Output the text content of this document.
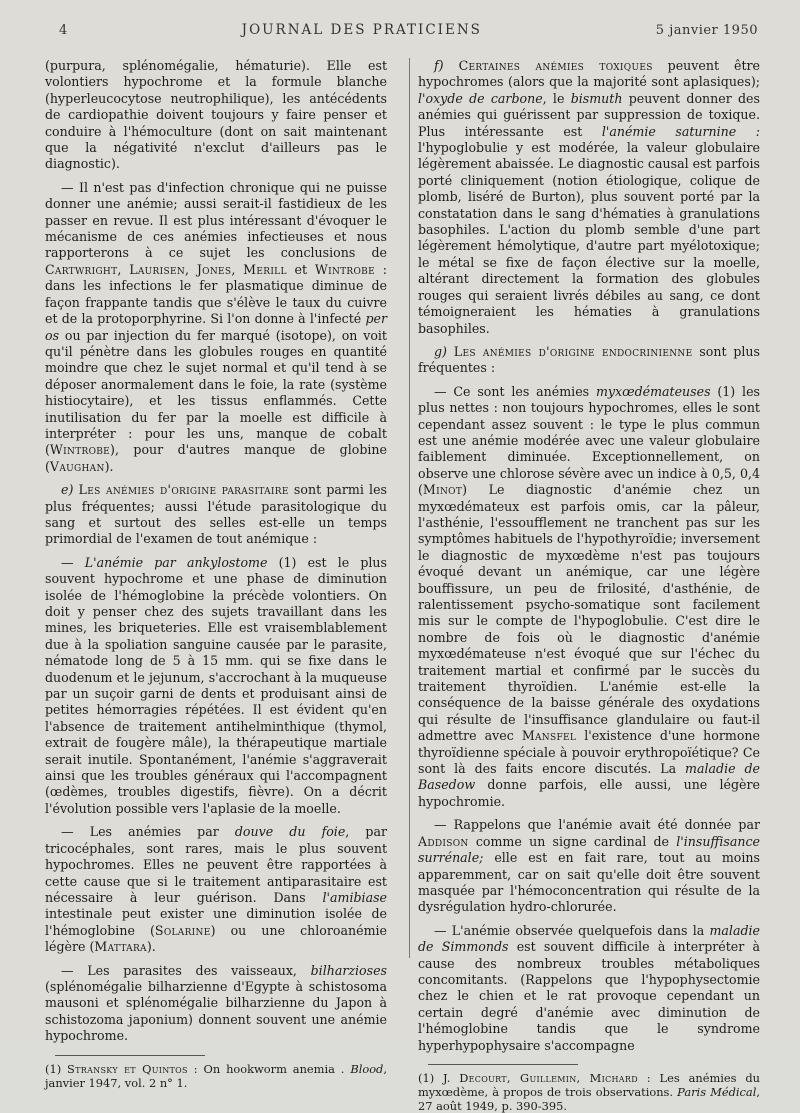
4	JOURNAL DES PRATICIENS	5 janvier 1950

(purpura, splénomégalie, hématurie). Elle est volontiers hypochrome et la formule blanche (hyperleucocytose neutrophilique), les antécédents de cardiopathie doivent toujours y faire penser et conduire à l'hémoculture (dont on sait maintenant que la négativité n'exclut d'ailleurs pas le diagnostic).

— Il n'est pas d'infection chronique qui ne puisse donner une anémie; aussi serait-il fastidieux de les passer en revue. Il est plus intéressant d'évoquer le mécanisme de ces anémies infectieuses et nous rapporterons à ce sujet les conclusions de Cartwright, Laurisen, Jones, Merill et Wintrobe : dans les infections le fer plasmatique diminue de façon frappante tandis que s'élève le taux du cuivre et de la protoporphyrine. Si l'on donne à l'infecté per os ou par injection du fer marqué (isotope), on voit qu'il pénètre dans les globules rouges en quantité moindre que chez le sujet normal et qu'il tend à se déposer anormalement dans le foie, la rate (système histiocytaire), et les tissus enflammés. Cette inutilisation du fer par la moelle est difficile à interpréter : pour les uns, manque de cobalt (Wintrobe), pour d'autres manque de globine (Vaughan).

e) Les anémies d'origine parasitaire sont parmi les plus fréquentes; aussi l'étude parasitologique du sang et surtout des selles est-elle un temps primordial de l'examen de tout anémique :

— L'anémie par ankylostome (1) est le plus souvent hypochrome et une phase de diminution isolée de l'hémoglobine la précède volontiers. On doit y penser chez des sujets travaillant dans les mines, les briqueteries. Elle est vraisemblablement due à la spoliation sanguine causée par le parasite, nématode long de 5 à 15 mm. qui se fixe dans le duodenum et le jejunum, s'accrochant à la muqueuse par un suçoir garni de dents et produisant ainsi de petites hémorragies répétées. Il est évident qu'en l'absence de traitement antihelminthique (thymol, extrait de fougère mâle), la thérapeutique martiale serait inutile. Spontanément, l'anémie s'aggraverait ainsi que les troubles généraux qui l'accompagnent (œdèmes, troubles digestifs, fièvre). On a décrit l'évolution possible vers l'aplasie de la moelle.

— Les anémies par douve du foie, par tricocéphales, sont rares, mais le plus souvent hypochromes. Elles ne peuvent être rapportées à cette cause que si le traitement antiparasitaire est nécessaire à leur guérison. Dans l'amibiase intestinale peut exister une diminution isolée de l'hémoglobine (Solarine) ou une chloroanémie légère (Mattara).

— Les parasites des vaisseaux, bilharzioses (splénomégalie bilharzienne d'Egypte à schistosoma mausoni et splénomégalie bilharzienne du Japon à schistozoma japonium) donnent souvent une anémie hypochrome.

(1) Stransky et Quintos : On hookworm anemia . Blood, janvier 1947, vol. 2 n° 1.

f) Certaines anémies toxiques peuvent être hypochromes (alors que la majorité sont aplasiques); l'oxyde de carbone, le bismuth peuvent donner des anémies qui guérissent par suppression de toxique. Plus intéressante est l'anémie saturnine : l'hypoglobulie y est modérée, la valeur globulaire légèrement abaissée. Le diagnostic causal est parfois porté cliniquement (notion étiologique, colique de plomb, liséré de Burton), plus souvent porté par la constatation dans le sang d'hématies à granulations basophiles. L'action du plomb semble d'une part légèrement hémolytique, d'autre part myélotoxique; le métal se fixe de façon élective sur la moelle, altérant directement la formation des globules rouges qui seraient livrés débiles au sang, ce dont témoigneraient les hématies à granulations basophiles.

g) Les anémies d'origine endocrinienne sont plus fréquentes :

— Ce sont les anémies myxœdémateuses (1) les plus nettes : non toujours hypochromes, elles le sont cependant assez souvent : le type le plus commun est une anémie modérée avec une valeur globulaire faiblement diminuée. Exceptionnellement, on observe une chlorose sévère avec un indice à 0,5, 0,4 (Minot) Le diagnostic d'anémie chez un myxœdémateux est parfois omis, car la pâleur, l'asthénie, l'essoufflement ne tranchent pas sur les symptômes habituels de l'hypothyroïdie; inversement le diagnostic de myxœdème n'est pas toujours évoqué devant un anémique, car une légère bouffissure, un peu de frilosité, d'asthénie, de ralentissement psycho-somatique sont facilement mis sur le compte de l'hypoglobulie. C'est dire le nombre de fois où le diagnostic d'anémie myxœdémateuse n'est évoqué que sur l'échec du traitement martial et confirmé par le succès du traitement thyroïdien. L'anémie est-elle la conséquence de la baisse générale des oxydations qui résulte de l'insuffisance glandulaire ou faut-il admettre avec Mansfel l'existence d'une hormone thyroïdienne spéciale à pouvoir erythropoïétique? Ce sont là des faits encore discutés. La maladie de Basedow donne parfois, elle aussi, une légère hypochromie.

— Rappelons que l'anémie avait été donnée par Addison comme un signe cardinal de l'insuffisance surrénale; elle est en fait rare, tout au moins apparemment, car on sait qu'elle doit être souvent masquée par l'hémoconcentration qui résulte de la dysrégulation hydro-chlorurée.

— L'anémie observée quelquefois dans la maladie de Simmonds est souvent difficile à interpréter à cause des nombreux troubles métaboliques concomitants. (Rappelons que l'hypophysectomie chez le chien et le rat provoque cependant un certain degré d'anémie avec diminution de l'hémoglobine tandis que le syndrome hyperhypophysaire s'accompagne

(1) J. Decourt, Guillemin, Michard : Les anémies du myxœdème, à propos de trois observations. Paris Médical, 27 août 1949, p. 390-395.
